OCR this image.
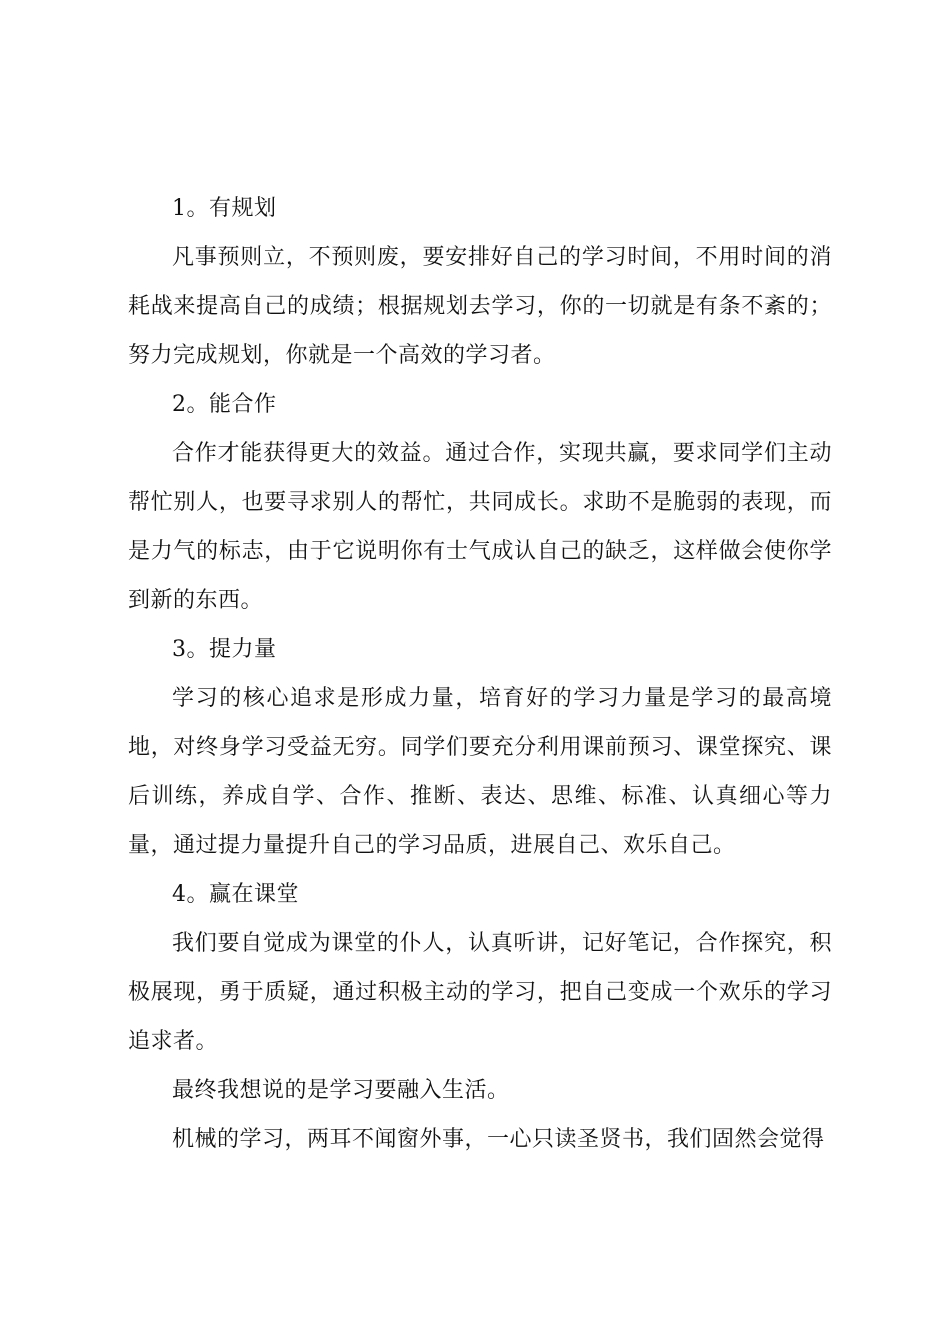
1。有规划

凡事预则立，不预则废，要安排好自己的学习时间，不用时间的消耗战来提高自己的成绩；根据规划去学习，你的一切就是有条不紊的；努力完成规划，你就是一个高效的学习者。

2。能合作

合作才能获得更大的效益。通过合作，实现共赢，要求同学们主动帮忙别人，也要寻求别人的帮忙，共同成长。求助不是脆弱的表现，而是力气的标志，由于它说明你有士气成认自己的缺乏，这样做会使你学到新的东西。

3。提力量

学习的核心追求是形成力量，培育好的学习力量是学习的最高境地，对终身学习受益无穷。同学们要充分利用课前预习、课堂探究、课后训练，养成自学、合作、推断、表达、思维、标准、认真细心等力量，通过提力量提升自己的学习品质，进展自己、欢乐自己。

4。赢在课堂

我们要自觉成为课堂的仆人，认真听讲，记好笔记，合作探究，积极展现，勇于质疑，通过积极主动的学习，把自己变成一个欢乐的学习追求者。

最终我想说的是学习要融入生活。

机械的学习，两耳不闻窗外事，一心只读圣贤书，我们固然会觉得
